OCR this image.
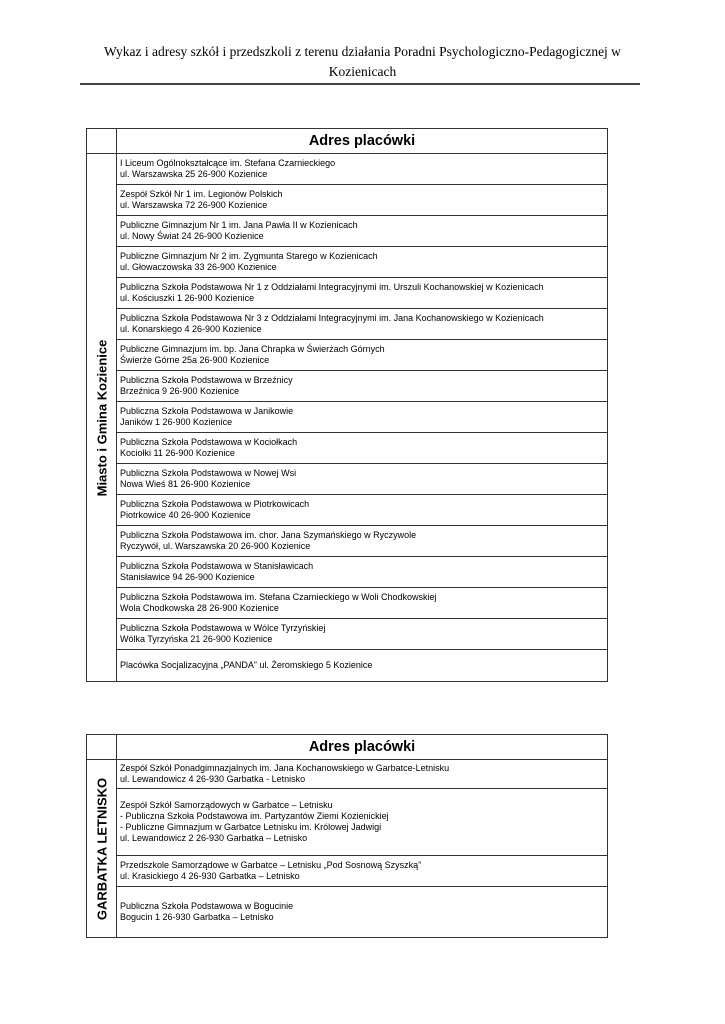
Wykaz i adresy szkół i przedszkoli z terenu działania Poradni Psychologiczno-Pedagogicznej w
Kozienicach
	Adres placówki

Miasto i Gmina Kozienice	I Liceum Ogólnokształcące im. Stefana Czarnieckiego
ul. Warszawska 25 26-900 Kozienice

	Zespół Szkół Nr 1 im. Legionów Polskich
ul. Warszawska 72 26-900 Kozienice

	Publiczne Gimnazjum Nr 1 im. Jana Pawła II w Kozienicach
ul. Nowy Świat 24 26-900 Kozienice

	Publiczne Gimnazjum Nr 2 im. Zygmunta Starego w Kozienicach
ul. Głowaczowska 33 26-900 Kozienice

	Publiczna Szkoła Podstawowa Nr 1 z Oddziałami Integracyjnymi im. Urszuli Kochanowskiej w Kozienicach
ul. Kościuszki 1 26-900 Kozienice

	Publiczna Szkoła Podstawowa Nr 3 z Oddziałami Integracyjnymi im. Jana Kochanowskiego w Kozienicach
ul. Konarskiego 4 26-900 Kozienice

	Publiczne Gimnazjum im. bp. Jana Chrapka w Świerżach Górnych
Świerże Górne 25a 26-900 Kozienice

	Publiczna Szkoła Podstawowa w Brzeźnicy
Brzeźnica 9 26-900 Kozienice

	Publiczna Szkoła Podstawowa w Janikowie
Janików 1 26-900 Kozienice

	Publiczna Szkoła Podstawowa w Kociołkach
Kociołki 11 26-900 Kozienice

	Publiczna Szkoła Podstawowa w Nowej Wsi
Nowa Wieś 81 26-900 Kozienice

	Publiczna Szkoła Podstawowa w Piotrkowicach
Piotrkowice 40 26-900 Kozienice

	Publiczna Szkoła Podstawowa im. chor. Jana Szymańskiego w Ryczywole
Ryczywół, ul. Warszawska 20 26-900 Kozienice

	Publiczna Szkoła Podstawowa w Stanisławicach
Stanisławice 94 26-900 Kozienice

	Publiczna Szkoła Podstawowa im. Stefana Czarnieckiego w Woli Chodkowskiej
Wola Chodkowska 28 26-900 Kozienice

	Publiczna Szkoła Podstawowa w Wólce Tyrzyńskiej
Wólka Tyrzyńska 21 26-900 Kozienice

	Placówka Socjalizacyjna „PANDA” ul. Żeromskiego 5 Kozienice
	Adres placówki

GARBATKA LETNISKO	Zespół Szkół Ponadgimnazjalnych im. Jana Kochanowskiego w Garbatce-Letnisku
ul. Lewandowicz 4 26-930 Garbatka - Letnisko

	Zespół Szkół Samorządowych w Garbatce – Letnisku
- Publiczna Szkoła Podstawowa im. Partyzantów Ziemi Kozienickiej
- Publiczne Gimnazjum w Garbatce Letnisku im. Królowej Jadwigi
ul. Lewandowicz 2 26-930 Garbatka – Letnisko

	Przedszkole Samorządowe w Garbatce – Letnisku „Pod Sosnową Szyszką”
ul. Krasickiego 4 26-930 Garbatka – Letnisko

	Publiczna Szkoła Podstawowa w Bogucinie
Bogucin 1 26-930 Garbatka – Letnisko
